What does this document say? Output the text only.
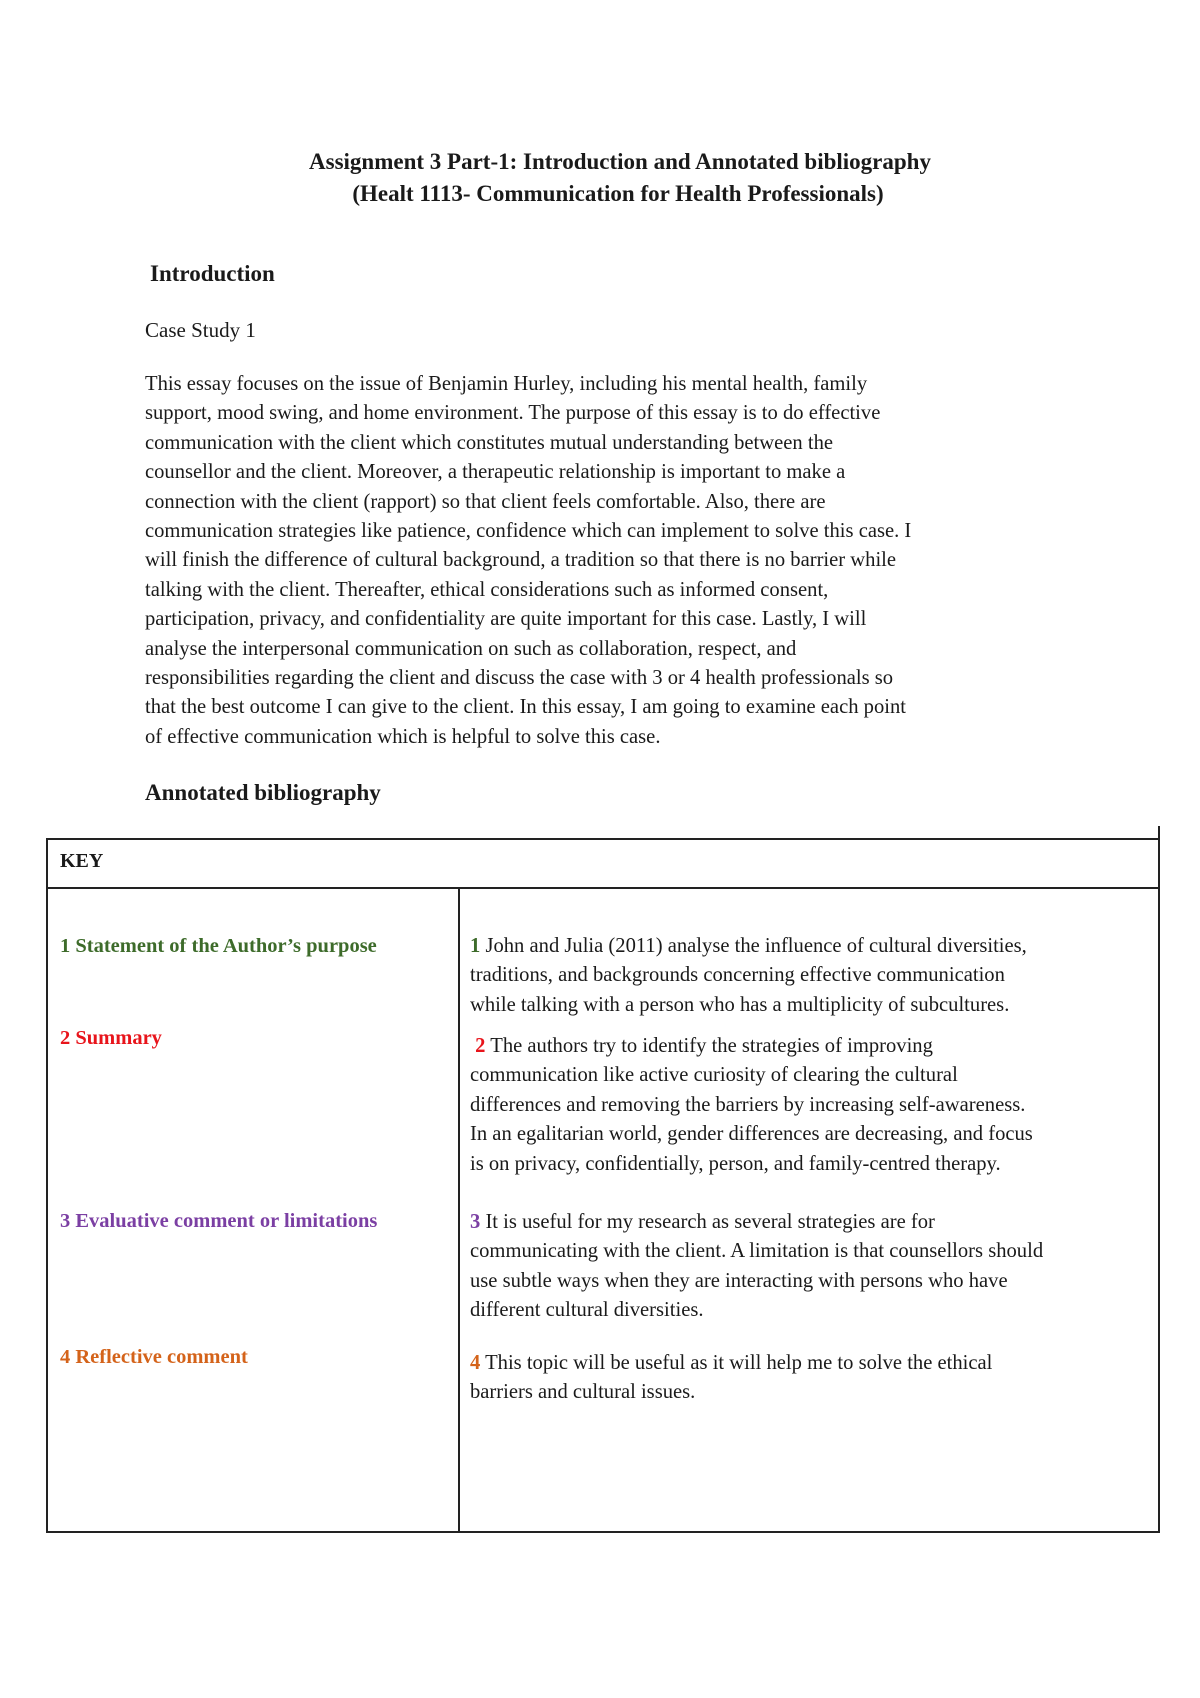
Assignment 3 Part-1: Introduction and Annotated bibliography
(Healt 1113- Communication for Health Professionals)
Introduction
Case Study 1

This essay focuses on the issue of Benjamin Hurley, including his mental health, family
support, mood swing, and home environment. The purpose of this essay is to do effective
communication with the client which constitutes mutual understanding between the
counsellor and the client. Moreover, a therapeutic relationship is important to make a
connection with the client (rapport) so that client feels comfortable. Also, there are
communication strategies like patience, confidence which can implement to solve this case. I
will finish the difference of cultural background, a tradition so that there is no barrier while
talking with the client. Thereafter, ethical considerations such as informed consent,
participation, privacy, and confidentiality are quite important for this case. Lastly, I will
analyse the interpersonal communication on such as collaboration, respect, and
responsibilities regarding the client and discuss the case with 3 or 4 health professionals so
that the best outcome I can give to the client. In this essay, I am going to examine each point
of effective communication which is helpful to solve this case.

Annotated bibliography
KEY
1 Statement of the Author’s purpose
2 Summary
3 Evaluative comment or limitations
4 Reflective comment
1 John and Julia (2011) analyse the influence of cultural diversities,
traditions, and backgrounds concerning effective communication
while talking with a person who has a multiplicity of subcultures.
2 The authors try to identify the strategies of improving
communication like active curiosity of clearing the cultural
differences and removing the barriers by increasing self-awareness.
In an egalitarian world, gender differences are decreasing, and focus
is on privacy, confidentially, person, and family-centred therapy.
3 It is useful for my research as several strategies are for
communicating with the client. A limitation is that counsellors should
use subtle ways when they are interacting with persons who have
different cultural diversities.
4 This topic will be useful as it will help me to solve the ethical
barriers and cultural issues.
